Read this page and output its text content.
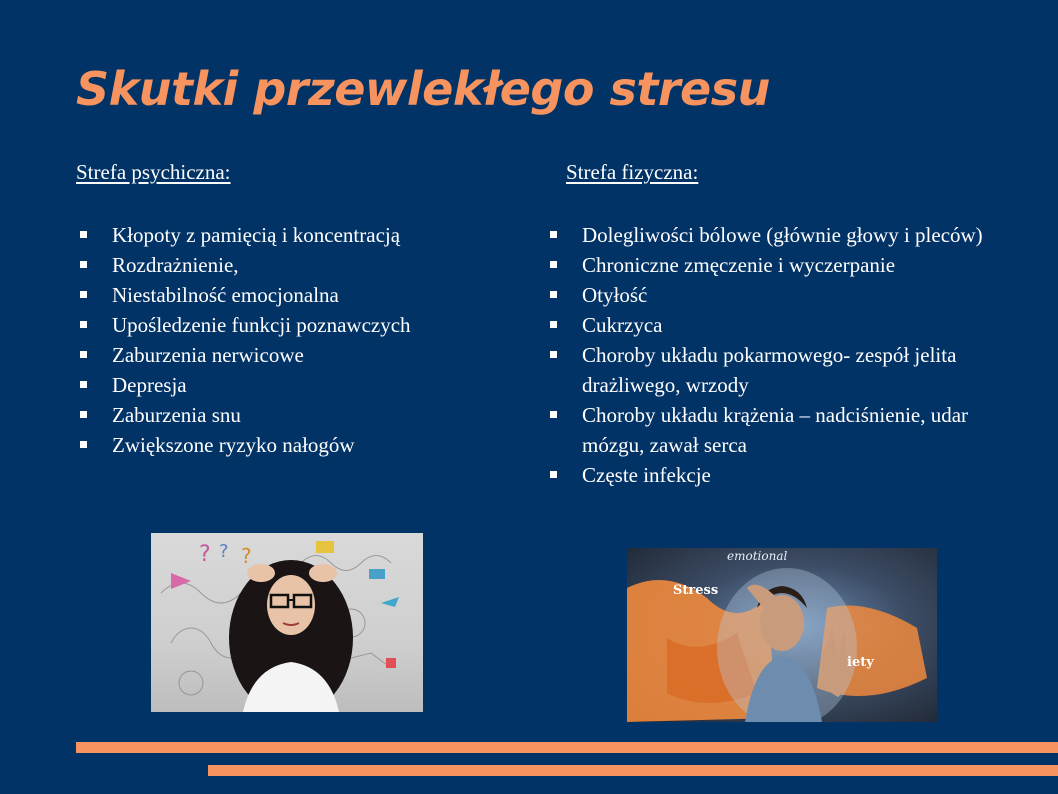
Skutki przewlekłego stresu
Strefa psychiczna:	Strefa fizyczna:
Kłopoty z pamięcią i koncentracją
Rozdrażnienie,
Niestabilność emocjonalna
Upośledzenie funkcji poznawczych
Zaburzenia nerwicowe
Depresja
Zaburzenia snu
Zwiększone ryzyko nałogów
Dolegliwości bólowe (głównie głowy i pleców)
Chroniczne zmęczenie i wyczerpanie
Otyłość
Cukrzyca
Choroby układu pokarmowego- zespół jelita drażliwego, wrzody
Choroby układu krążenia – nadciśnienie, udar mózgu, zawał serca
Częste infekcje
? ? ?	emotional
Stress
iety
